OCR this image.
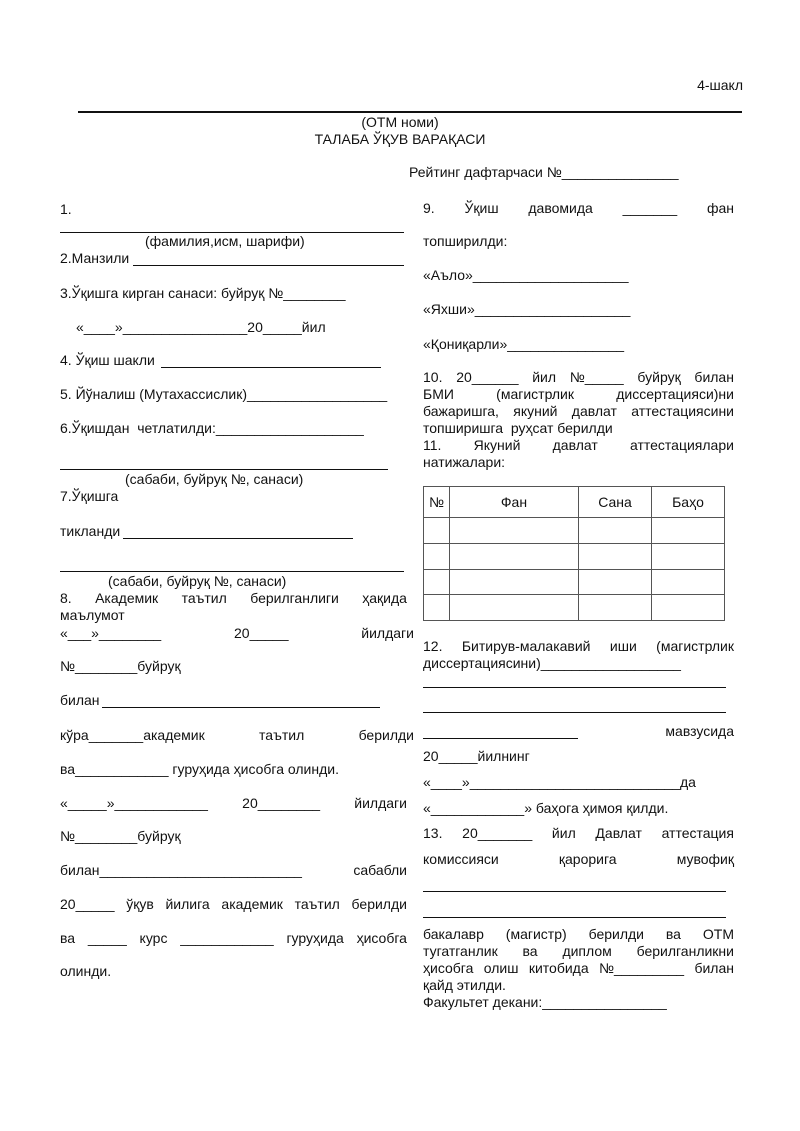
4-шакл
(ОТМ номи)
ТАЛАБА ЎҚУВ ВАРАҚАСИ
Рейтинг дафтарчаси №_______________
1.
(фамилия,исм, шарифи)
2.Манзили
3.Ўқишга кирган санаси: буйруқ №________
«____»________________20_____йил
4. Ўқиш шакли
5. Йўналиш (Мутахассислик)__________________
6.Ўқишдан  четлатилди:___________________
(сабаби, буйруқ №, санаси)
7.Ўқишга
тикланди
(сабаби, буйруқ №, санаси)
8. Академик таътил берилганлиги ҳақида
маълумот
«___»________	20_____	йилдаги
№________буйруқ
билан
кўра_______академик	таътил	берилди
ва____________ гуруҳида ҳисобга олинди.
«_____»____________ 20________ йилдаги
№________буйруқ
билан__________________________	сабабли
20_____ ўқув йилига академик таътил берилди
ва _____ курс ____________ гуруҳида ҳисобга
олинди.
9. Ўқиш давомида _______ фан
топширилди:
«Аъло»____________________
«Яхши»____________________
«Қониқарли»_______________
10. 20______ йил №_____ буйруқ билан
БМИ	(магистрлик	диссертацияси)ни
бажаришга, якуний давлат аттестациясини
топширишга  руҳсат берилди
11. Якуний давлат аттестациялари
натижалари:
№	Фан	Сана	Баҳо

12. Битирув-малакавий иши (магистрлик
диссертациясини)__________________
мавзусида
20_____йилнинг
«____»___________________________да
«____________» баҳога ҳимоя қилди.
13. 20_______ йил Давлат аттестация
комиссияси	қарорига	мувофиқ
бакалавр (магистр) берилди ва ОТМ
тугатганлик ва диплом берилганликни
ҳисобга олиш китобида №_________ билан
қайд этилди.
Факультет декани:________________
